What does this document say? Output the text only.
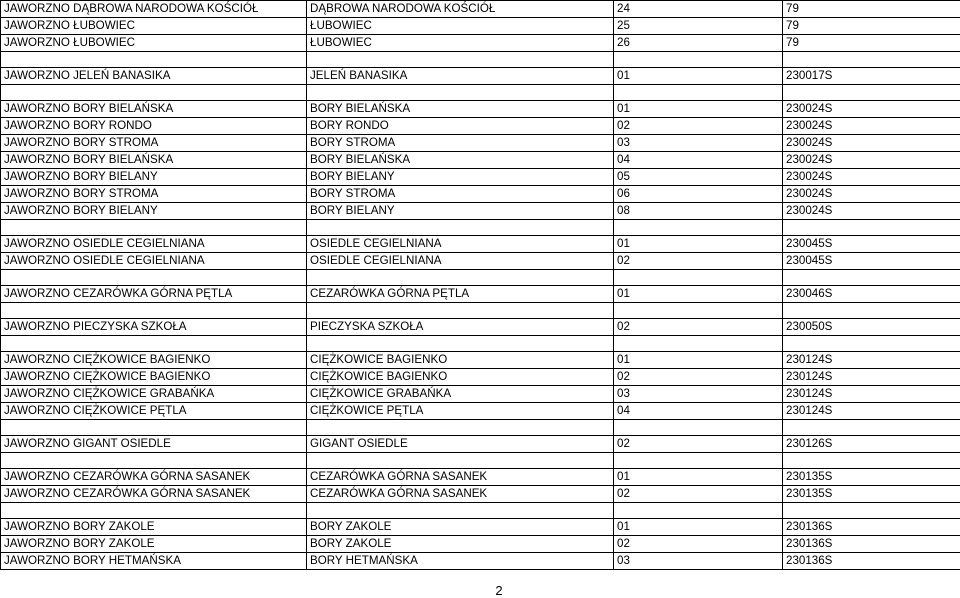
JAWORZNO DĄBROWA NARODOWA KOŚCIÓŁ	DĄBROWA NARODOWA KOŚCIÓŁ	24	79
JAWORZNO ŁUBOWIEC	ŁUBOWIEC	25	79
JAWORZNO ŁUBOWIEC	ŁUBOWIEC	26	79

JAWORZNO JELEŃ BANASIKA	JELEŃ BANASIKA	01	230017S

JAWORZNO BORY BIELAŃSKA	BORY BIELAŃSKA	01	230024S
JAWORZNO BORY RONDO	BORY RONDO	02	230024S
JAWORZNO BORY STROMA	BORY STROMA	03	230024S
JAWORZNO BORY BIELAŃSKA	BORY BIELAŃSKA	04	230024S
JAWORZNO BORY BIELANY	BORY BIELANY	05	230024S
JAWORZNO BORY STROMA	BORY STROMA	06	230024S
JAWORZNO BORY BIELANY	BORY BIELANY	08	230024S

JAWORZNO OSIEDLE CEGIELNIANA	OSIEDLE CEGIELNIANA	01	230045S
JAWORZNO OSIEDLE CEGIELNIANA	OSIEDLE CEGIELNIANA	02	230045S

JAWORZNO CEZARÓWKA GÓRNA PĘTLA	CEZARÓWKA GÓRNA PĘTLA	01	230046S

JAWORZNO PIECZYSKA SZKOŁA	PIECZYSKA SZKOŁA	02	230050S

JAWORZNO CIĘŻKOWICE BAGIENKO	CIĘŻKOWICE BAGIENKO	01	230124S
JAWORZNO CIĘŻKOWICE BAGIENKO	CIĘŻKOWICE BAGIENKO	02	230124S
JAWORZNO CIĘŻKOWICE GRABAŃKA	CIĘŻKOWICE GRABAŃKA	03	230124S
JAWORZNO CIĘŻKOWICE PĘTLA	CIĘŻKOWICE PĘTLA	04	230124S

JAWORZNO GIGANT OSIEDLE	GIGANT OSIEDLE	02	230126S

JAWORZNO CEZARÓWKA GÓRNA SASANEK	CEZARÓWKA GÓRNA SASANEK	01	230135S
JAWORZNO CEZARÓWKA GÓRNA SASANEK	CEZARÓWKA GÓRNA SASANEK	02	230135S

JAWORZNO BORY ZAKOLE	BORY ZAKOLE	01	230136S
JAWORZNO BORY ZAKOLE	BORY ZAKOLE	02	230136S
JAWORZNO BORY HETMAŃSKA	BORY HETMAŃSKA	03	230136S
2
